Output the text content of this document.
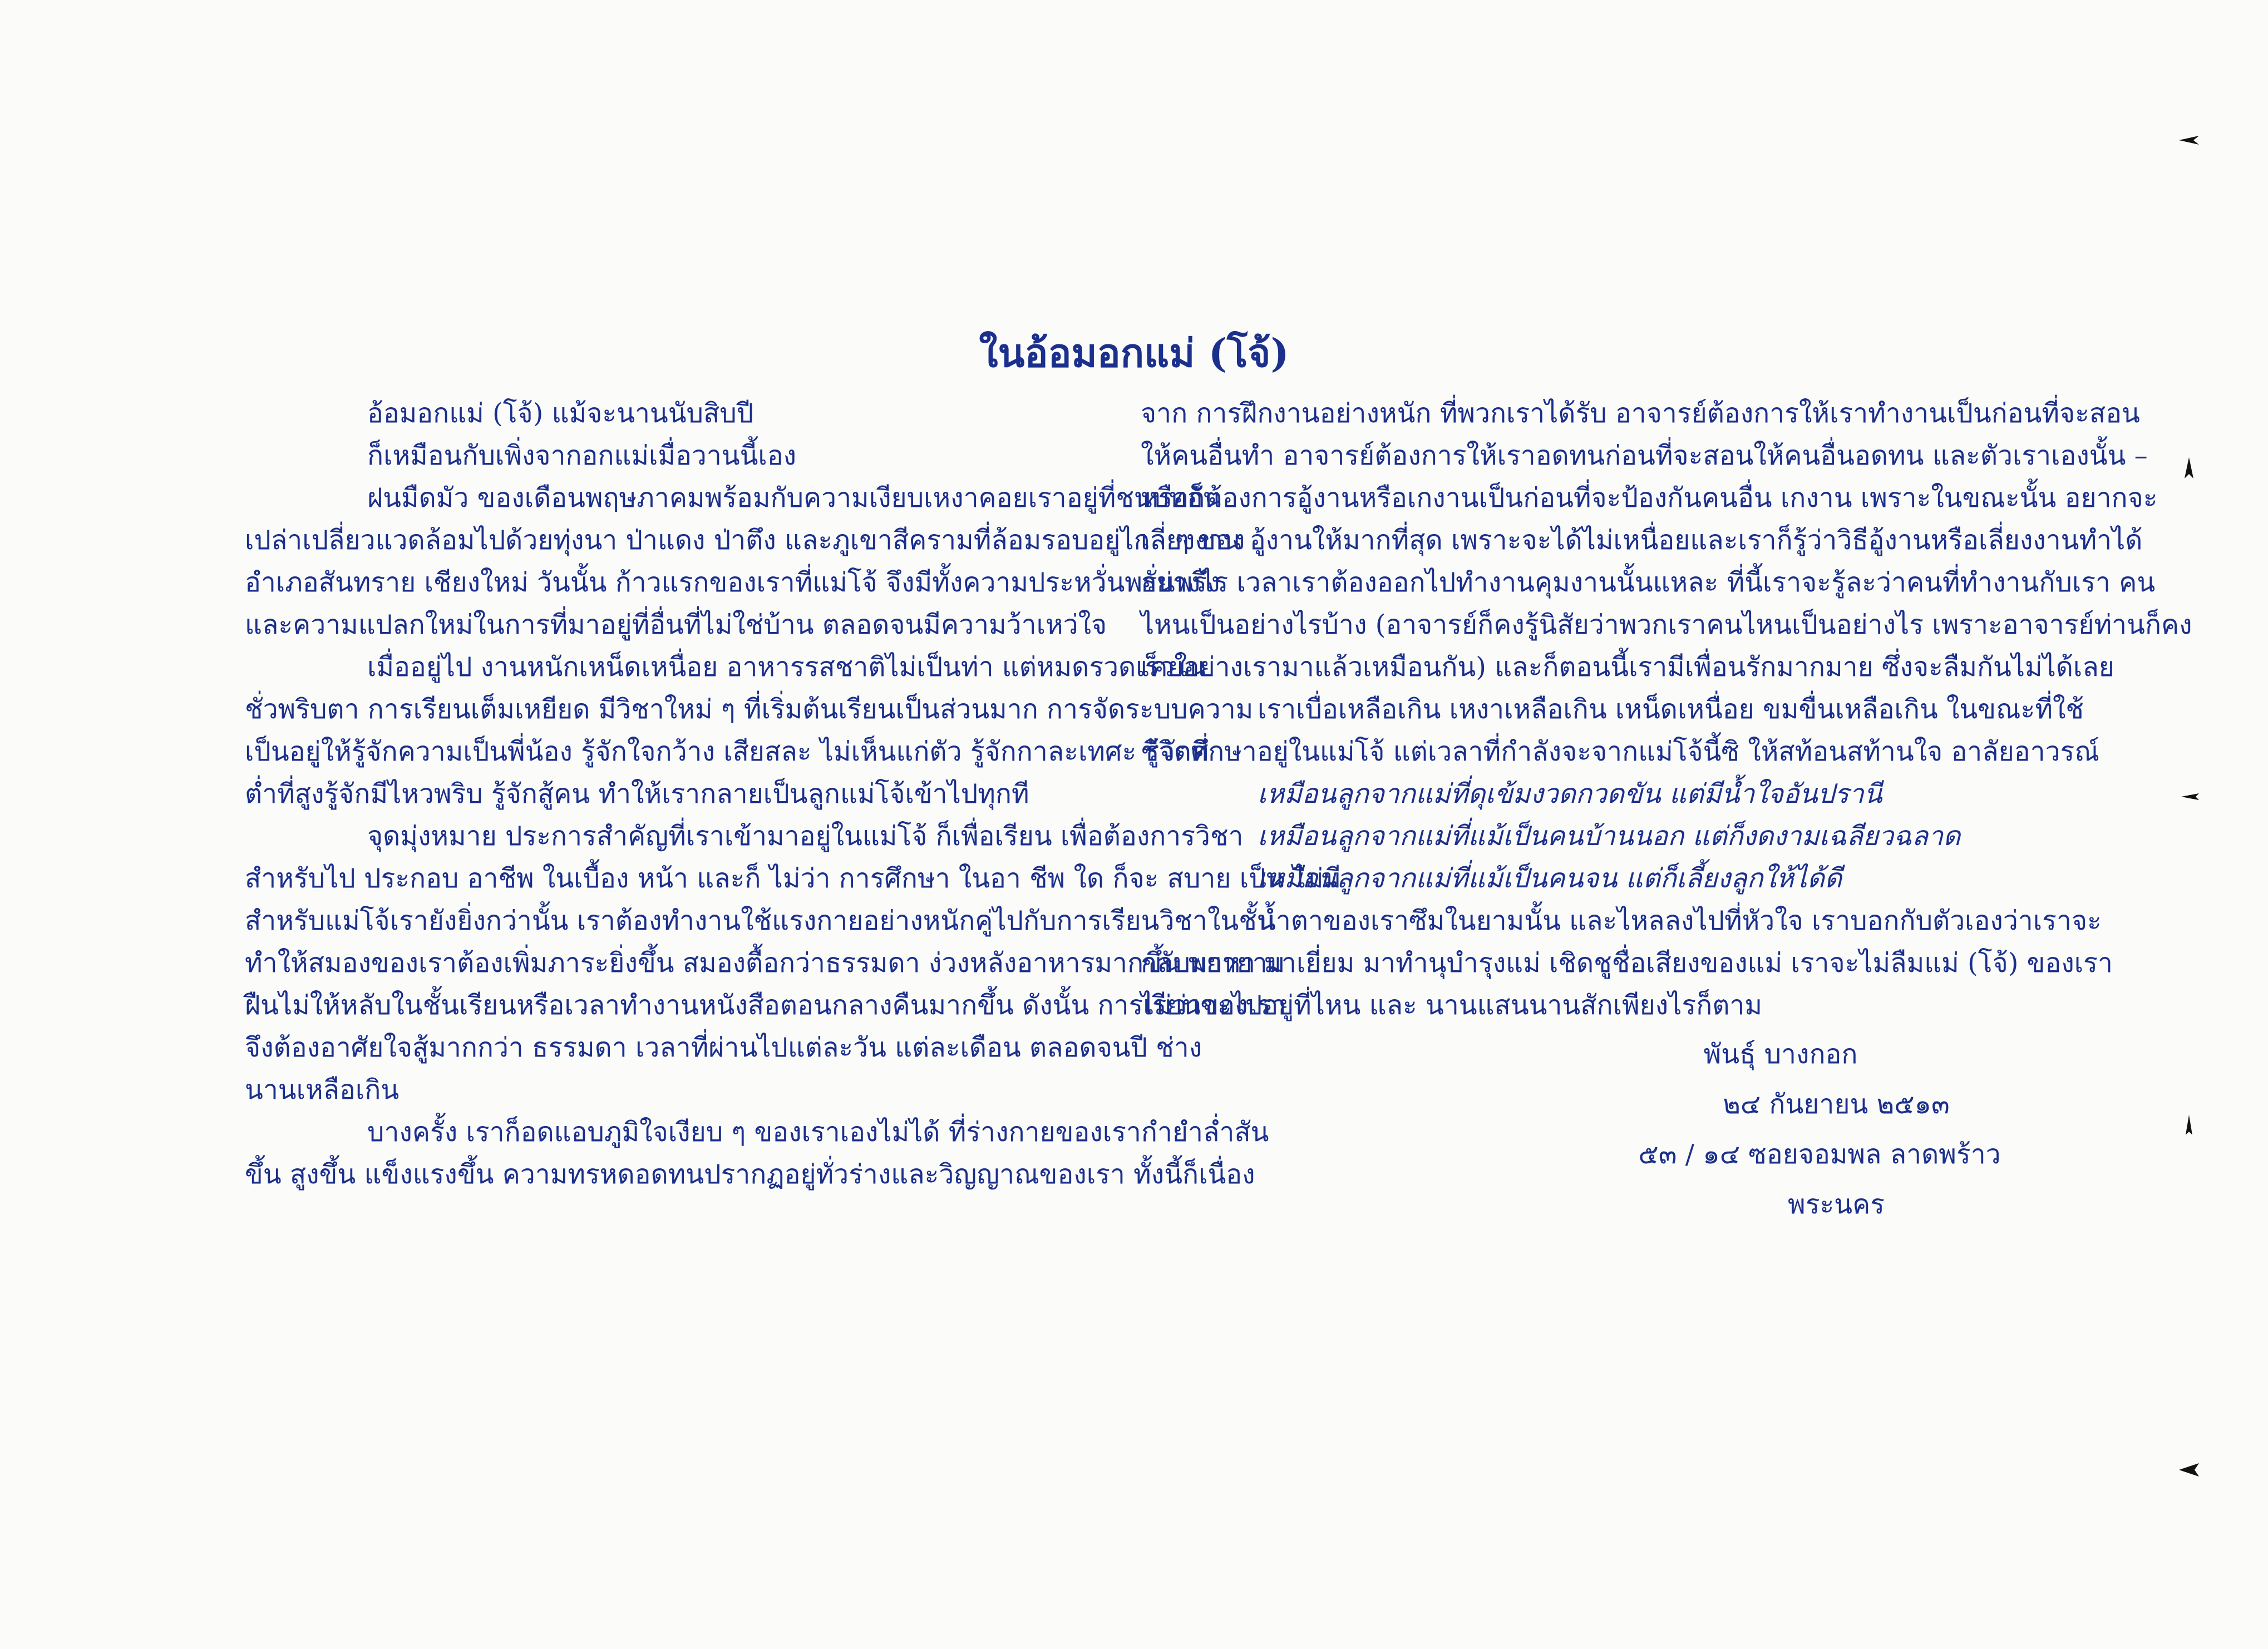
ในอ้อมอกแม่ (โจ้)
อ้อมอกแม่ (โจ้) แม้จะนานนับสิบปี
ก็เหมือนกับเพิ่งจากอกแม่เมื่อวานนี้เอง
ฝนมืดมัว ของเดือนพฤษภาคมพร้อมกับความเงียบเหงาคอยเราอยู่ที่ชนบทอัน
เปล่าเปลี่ยวแวดล้อมไปด้วยทุ่งนา ป่าแดง ป่าตึง และภูเขาสีครามที่ล้อมรอบอยู่ไกล ๆ ของ
อำเภอสันทราย เชียงใหม่ วันนั้น ก้าวแรกของเราที่แม่โจ้ จึงมีทั้งความประหวั่นพรั่นพรึง
และความแปลกใหม่ในการที่มาอยู่ที่อื่นที่ไม่ใช่บ้าน ตลอดจนมีความว้าเหว่ใจ
เมื่ออยู่ไป งานหนักเหน็ดเหนื่อย อาหารรสชาติไม่เป็นท่า แต่หมดรวดเร็วใน
ชั่วพริบตา การเรียนเต็มเหยียด มีวิชาใหม่ ๆ ที่เริ่มต้นเรียนเป็นส่วนมาก การจัดระบบความ
เป็นอยู่ให้รู้จักความเป็นพี่น้อง รู้จักใจกว้าง เสียสละ ไม่เห็นแก่ตัว รู้จักกาละเทศะ รู้จักที่
ต่ำที่สูงรู้จักมีไหวพริบ รู้จักสู้คน ทำให้เรากลายเป็นลูกแม่โจ้เข้าไปทุกที
จุดมุ่งหมาย ประการสำคัญที่เราเข้ามาอยู่ในแม่โจ้ ก็เพื่อเรียน เพื่อต้องการวิชา
สำหรับไป ประกอบ อาชีพ ในเบื้อง หน้า และก็ ไม่ว่า การศึกษา ในอา ชีพ ใด ก็จะ สบาย เป็น ไม่มี
สำหรับแม่โจ้เรายังยิ่งกว่านั้น เราต้องทำงานใช้แรงกายอย่างหนักคู่ไปกับการเรียนวิชาในชั้น
ทำให้สมองของเราต้องเพิ่มภาระยิ่งขึ้น สมองตื้อกว่าธรรมดา ง่วงหลังอาหารมากขึ้น พยายาม
ฝืนไม่ให้หลับในชั้นเรียนหรือเวลาทำงานหนังสือตอนกลางคืนมากขึ้น ดังนั้น การเรียนของเรา
จึงต้องอาศัยใจสู้มากกว่า ธรรมดา เวลาที่ผ่านไปแต่ละวัน แต่ละเดือน ตลอดจนปี ช่าง
นานเหลือเกิน
บางครั้ง เราก็อดแอบภูมิใจเงียบ ๆ ของเราเองไม่ได้ ที่ร่างกายของเรากำยำล่ำสัน
ขึ้น สูงขึ้น แข็งแรงขึ้น ความทรหดอดทนปรากฏอยู่ทั่วร่างและวิญญาณของเรา ทั้งนี้ก็เนื่อง
จาก การฝึกงานอย่างหนัก ที่พวกเราได้รับ อาจารย์ต้องการให้เราทำงานเป็นก่อนที่จะสอน
ให้คนอื่นทำ อาจารย์ต้องการให้เราอดทนก่อนที่จะสอนให้คนอื่นอดทน และตัวเราเองนั้น –
หรือก็ต้องการอู้งานหรือเกงานเป็นก่อนที่จะป้องกันคนอื่น เกงาน เพราะในขณะนั้น อยากจะ
เลี่ยงงาน อู้งานให้มากที่สุด เพราะจะได้ไม่เหนื่อยและเราก็รู้ว่าวิธีอู้งานหรือเลี่ยงงานทำได้
อย่างไร เวลาเราต้องออกไปทำงานคุมงานนั้นแหละ ที่นี้เราจะรู้ละว่าคนที่ทำงานกับเรา คน
ไหนเป็นอย่างไรบ้าง (อาจารย์ก็คงรู้นิสัยว่าพวกเราคนไหนเป็นอย่างไร เพราะอาจารย์ท่านก็คง
เคยอย่างเรามาแล้วเหมือนกัน) และก็ตอนนี้เรามีเพื่อนรักมากมาย ซึ่งจะลืมกันไม่ได้เลย
เราเบื่อเหลือเกิน เหงาเหลือเกิน เหน็ดเหนื่อย ขมขื่นเหลือเกิน ในขณะที่ใช้
ชีวิตศึกษาอยู่ในแม่โจ้ แต่เวลาที่กำลังจะจากแม่โจ้นี้ซิ ให้สท้อนสท้านใจ อาลัยอาวรณ์
เหมือนลูกจากแม่ที่ดุเข้มงวดกวดขัน แต่มีน้ำใจอันปรานี
เหมือนลูกจากแม่ที่แม้เป็นคนบ้านนอก แต่ก็งดงามเฉลียวฉลาด
เหมือนลูกจากแม่ที่แม้เป็นคนจน แต่ก็เลี้ยงลูกให้ได้ดี
น้ำตาของเราซึมในยามนั้น และไหลลงไปที่หัวใจ เราบอกกับตัวเองว่าเราจะ
กลับมาหา มาเยี่ยม มาทำนุบำรุงแม่ เชิดชูชื่อเสียงของแม่ เราจะไม่ลืมแม่ (โจ้) ของเรา
ไม่ว่าจะไปอยู่ที่ไหน และ นานแสนนานสักเพียงไรก็ตาม
พันธุ์ บางกอก
๒๔ กันยายน ๒๕๑๓
๕๓ / ๑๔ ซอยจอมพล ลาดพร้าว
พระนคร
